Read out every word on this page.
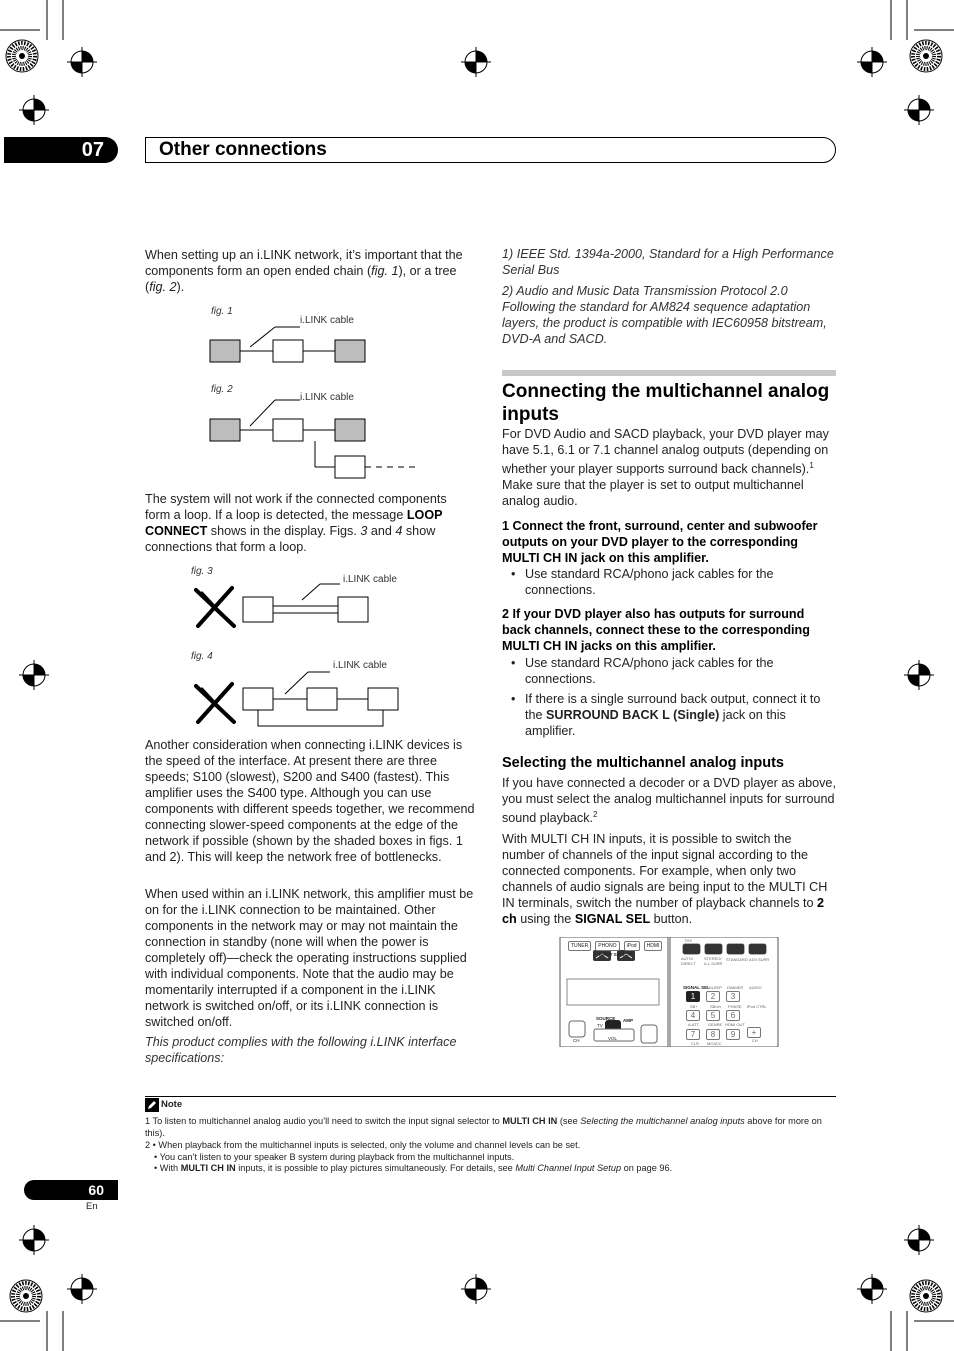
07	Other connections

When setting up an i.LINK network, it’s important that the components form an open ended chain (fig. 1), or a tree (fig. 2).

fig. 1
i.LINK cable
fig. 2
i.LINK cable

The system will not work if the connected components form a loop. If a loop is detected, the message LOOP CONNECT shows in the display. Figs. 3 and 4 show connections that form a loop.

fig. 3
i.LINK cable
fig. 4
i.LINK cable

Another consideration when connecting i.LINK devices is the speed of the interface. At present there are three speeds; S100 (slowest), S200 and S400 (fastest). This amplifier uses the S400 type. Although you can use components with different speeds together, we recommend connecting slower-speed components at the edge of the network if possible (shown by the shaded boxes in figs. 1 and 2). This will keep the network free of bottlenecks.

When used within an i.LINK network, this amplifier must be on for the i.LINK connection to be maintained. Other components in the network may or may not maintain the connection in standby (none will when the power is completely off)—check the operating instructions supplied with individual components. Note that the audio may be momentarily interrupted if a component in the i.LINK network is switched on/off, or its i.LINK connection is switched on/off.

This product complies with the following i.LINK interface specifications:

1) IEEE Std. 1394a-2000, Standard for a High Performance Serial Bus

2) Audio and Music Data Transmission Protocol 2.0 Following the standard for AM824 sequence adaptation layers, the product is compatible with IEC60958 bitstream, DVD-A and SACD.

Connecting the multichannel analog inputs

For DVD Audio and SACD playback, your DVD player may have 5.1, 6.1 or 7.1 channel analog outputs (depending on whether your player supports surround back channels).$^1$ Make sure that the player is set to output multichannel analog audio.

1 Connect the front, surround, center and subwoofer outputs on your DVD player to the corresponding MULTI CH IN jack on this amplifier.

• Use standard RCA/phono jack cables for the connections.

2 If your DVD player also has outputs for surround back channels, connect these to the corresponding MULTI CH IN jacks on this amplifier.

• Use standard RCA/phono jack cables for the connections.

• If there is a single surround back output, connect it to the SURROUND BACK L (Single) jack on this amplifier.

Selecting the multichannel analog inputs

If you have connected a decoder or a DVD player as above, you must select the analog multichannel inputs for surround sound playback.$^2$

With MULTI CH IN inputs, it is possible to switch the number of channels of the input signal according to the connected components. For example, when only two channels of audio signals are being input to the MULTI CH IN terminals, switch the number of playback channels to 2 ch using the SIGNAL SEL button.

TUNER	PHONO	iPod	HDMI
INPUT SELECT
SOURCE
TV
AMP
CH	VOL
THX
AUTO/ DIRECT
STEREO/ A.L.SURR
STANDARD ADV.SURR
SIGNAL SEL SLEEP DIMMER AUDIO
SB+	SB/ch PHASE iPod CTRL
A.ATT GENRE HDMI OUT
CLR MCACC
CH
1	2	3
4	5	6
7	8	9	+
Note

1 To listen to multichannel analog audio you’ll need to switch the input signal selector to MULTI CH IN (see Selecting the multichannel analog inputs above for more on this).

2 • When playback from the multichannel inputs is selected, only the volume and channel levels can be set.

• You can’t listen to your speaker B system during playback from the multichannel inputs.

• With MULTI CH IN inputs, it is possible to play pictures simultaneously. For details, see Multi Channel Input Setup on page 96.

60
En
